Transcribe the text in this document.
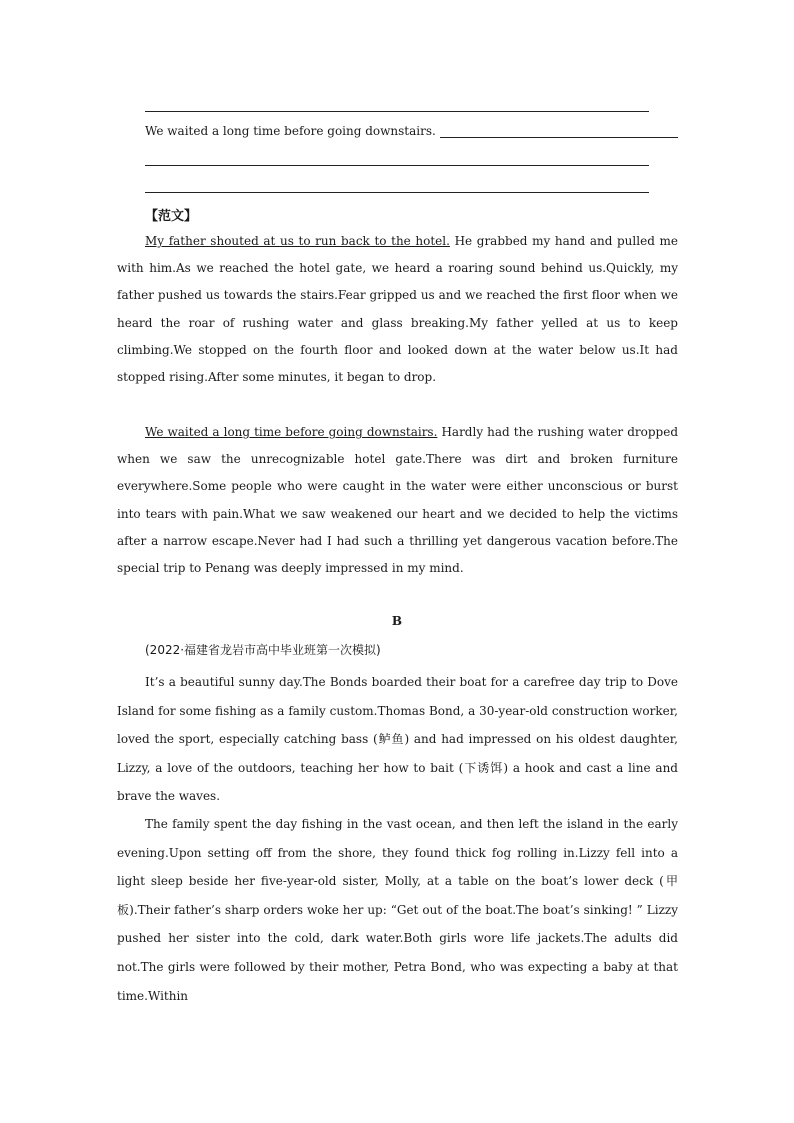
We waited a long time before going downstairs.
【范文】

My father shouted at us to run back to the hotel. He grabbed my hand and pulled me with him.As we reached the hotel gate, we heard a roaring sound behind us.Quickly, my father pushed us towards the stairs.Fear gripped us and we reached the first floor when we heard the roar of rushing water and glass breaking.My father yelled at us to keep climbing.We stopped on the fourth floor and looked down at the water below us.It had stopped rising.After some minutes, it began to drop.

We waited a long time before going downstairs. Hardly had the rushing water dropped when we saw the unrecognizable hotel gate.There was dirt and broken furniture everywhere.Some people who were caught in the water were either unconscious or burst into tears with pain.What we saw weakened our heart and we decided to help the victims after a narrow escape.Never had I had such a thrilling yet dangerous vacation before.The special trip to Penang was deeply impressed in my mind.

B
(2022·福建省龙岩市高中毕业班第一次模拟)

It’s a beautiful sunny day.The Bonds boarded their boat for a carefree day trip to Dove Island for some fishing as a family custom.Thomas Bond, a 30-year-old construction worker, loved the sport, especially catching bass (鲈鱼) and had impressed on his oldest daughter, Lizzy, a love of the outdoors, teaching her how to bait (下诱饵) a hook and cast a line and brave the waves.

The family spent the day fishing in the vast ocean, and then left the island in the early evening.Upon setting off from the shore, they found thick fog rolling in.Lizzy fell into a light sleep beside her five-year-old sister, Molly, at a table on the boat’s lower deck (甲板).Their father’s sharp orders woke her up: “Get out of the boat.The boat’s sinking! ” Lizzy pushed her sister into the cold, dark water.Both girls wore life jackets.The adults did not.The girls were followed by their mother, Petra Bond, who was expecting a baby at that time.Within
